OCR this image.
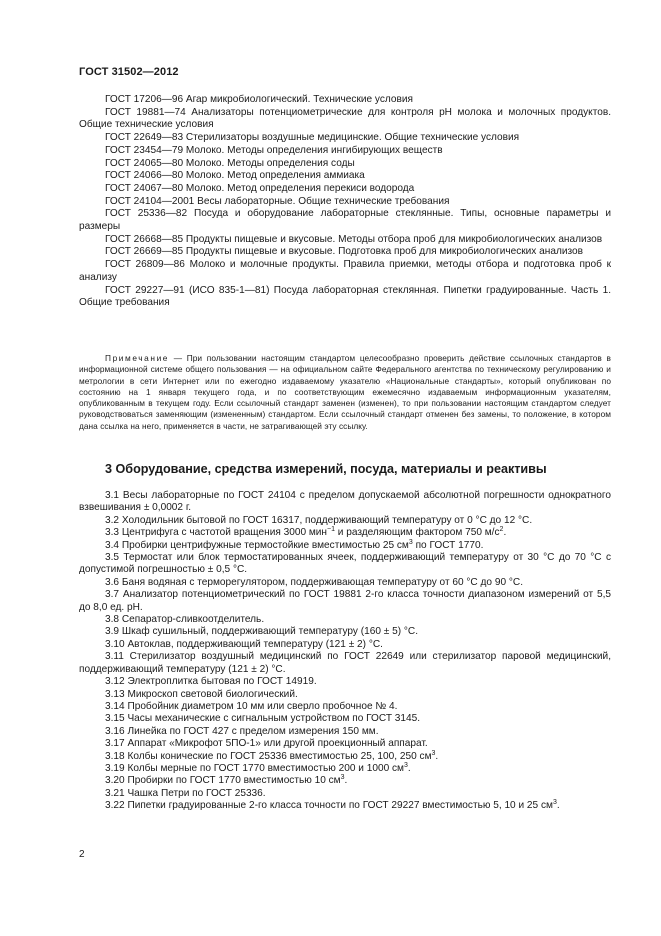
ГОСТ 31502—2012

ГОСТ 17206—96 Агар микробиологический. Технические условия

ГОСТ 19881—74 Анализаторы потенциометрические для контроля pH молока и молочных продуктов. Общие технические условия

ГОСТ 22649—83 Стерилизаторы воздушные медицинские. Общие технические условия

ГОСТ 23454—79 Молоко. Методы определения ингибирующих веществ

ГОСТ 24065—80 Молоко. Методы определения соды

ГОСТ 24066—80 Молоко. Метод определения аммиака

ГОСТ 24067—80 Молоко. Метод определения перекиси водорода

ГОСТ 24104—2001 Весы лабораторные. Общие технические требования

ГОСТ 25336—82 Посуда и оборудование лабораторные стеклянные. Типы, основные параметры и размеры

ГОСТ 26668—85 Продукты пищевые и вкусовые. Методы отбора проб для микробиологических анализов

ГОСТ 26669—85 Продукты пищевые и вкусовые. Подготовка проб для микробиологических анализов

ГОСТ 26809—86 Молоко и молочные продукты. Правила приемки, методы отбора и подготовка проб к анализу

ГОСТ 29227—91 (ИСО 835-1—81) Посуда лабораторная стеклянная. Пипетки градуированные. Часть 1. Общие требования

Примечание — При пользовании настоящим стандартом целесообразно проверить действие ссылочных стандартов в информационной системе общего пользования — на официальном сайте Федерального агентства по техническому регулированию и метрологии в сети Интернет или по ежегодно издаваемому указателю «Национальные стандарты», который опубликован по состоянию на 1 января текущего года, и по соответствующим ежемесячно издаваемым информационным указателям, опубликованным в текущем году. Если ссылочный стандарт заменен (изменен), то при пользовании настоящим стандартом следует руководствоваться заменяющим (измененным) стандартом. Если ссылочный стандарт отменен без замены, то положение, в котором дана ссылка на него, применяется в части, не затрагивающей эту ссылку.

3 Оборудование, средства измерений, посуда, материалы и реактивы

3.1 Весы лабораторные по ГОСТ 24104 с пределом допускаемой абсолютной погрешности однократного взвешивания ± 0,0002 г.

3.2 Холодильник бытовой по ГОСТ 16317, поддерживающий температуру от 0 °С до 12 °С.

3.3 Центрифуга с частотой вращения 3000 мин$^{-1}$ и разделяющим фактором 750 $м/с^2$.

3.4 Пробирки центрифужные термостойкие вместимостью 25 $см^3$ по ГОСТ 1770.

3.5 Термостат или блок термостатированных ячеек, поддерживающий температуру от 30 °С до 70 °С с допустимой погрешностью ± 0,5 °С.

3.6 Баня водяная с терморегулятором, поддерживающая температуру от 60 °С до 90 °С.

3.7 Анализатор потенциометрический по ГОСТ 19881 2-го класса точности диапазоном измерений от 5,5 до 8,0 ед. pH.

3.8 Сепаратор-сливкоотделитель.

3.9 Шкаф сушильный, поддерживающий температуру (160 ± 5) °С.

3.10 Автоклав, поддерживающий температуру (121 ± 2) °С.

3.11 Стерилизатор воздушный медицинский по ГОСТ 22649 или стерилизатор паровой медицинский, поддерживающий температуру (121 ± 2) °С.

3.12 Электроплитка бытовая по ГОСТ 14919.

3.13 Микроскоп световой биологический.

3.14 Пробойник диаметром 10 мм или сверло пробочное № 4.

3.15 Часы механические с сигнальным устройством по ГОСТ 3145.

3.16 Линейка по ГОСТ 427 с пределом измерения 150 мм.

3.17 Аппарат «Микрофот 5ПО-1» или другой проекционный аппарат.

3.18 Колбы конические по ГОСТ 25336 вместимостью 25, 100, 250 $см^3$.

3.19 Колбы мерные по ГОСТ 1770 вместимостью 200 и 1000 $см^3$.

3.20 Пробирки по ГОСТ 1770 вместимостью 10 $см^3$.

3.21 Чашка Петри по ГОСТ 25336.

3.22 Пипетки градуированные 2-го класса точности по ГОСТ 29227 вместимостью 5, 10 и 25 $см^3$.

2
